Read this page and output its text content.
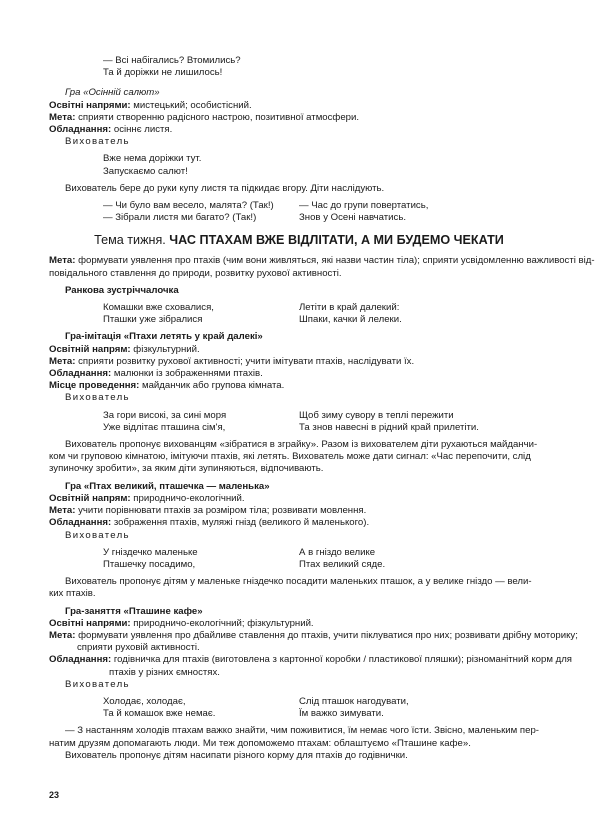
— Всі набігались? Втомились?
Та й доріжки не лишилось!
Гра «Осінній салют»
Освітні напрями: мистецький; особистісний.
Мета: сприяти створенню радісного настрою, позитивної атмосфери.
Обладнання: осіннє листя.
Вихователь
Вже нема доріжки тут.
Запускаємо салют!
Вихователь бере до руки купу листя та підкидає вгору. Діти наслідують.
— Чи було вам весело, малята? (Так!)
— Зібрали листя ми багато? (Так!)
— Час до групи повертатись,
Знов у Осені навчатись.
Тема тижня. ЧАС ПТАХАМ ВЖЕ ВІДЛІТАТИ, А МИ БУДЕМО ЧЕКАТИ
Мета: формувати уявлення про птахів (чим вони живляться, які назви частин тіла); сприяти усвідомленню важливості від-
повідального ставлення до природи, розвитку рухової активності.
Ранкова зустріччалочка
Комашки вже сховалися,
Пташки уже зібралися
Летіти в край далекий:
Шпаки, качки й лелеки.
Гра-імітація «Птахи летять у край далекі»
Освітній напрям: фізкультурний.
Мета: сприяти розвитку рухової активності; учити імітувати птахів, наслідувати їх.
Обладнання: малюнки із зображеннями птахів.
Місце проведення: майданчик або групова кімната.
Вихователь
За гори високі, за сині моря
Уже відлітає пташина сім'я,
Щоб зиму сувору в теплі пережити
Та знов навесні в рідний край прилетіти.
Вихователь пропонує вихованцям «зібратися в зграйку». Разом із вихователем діти рухаються майданчи-
ком чи груповою кімнатою, імітуючи птахів, які летять. Вихователь може дати сигнал: «Час перепочити, слід
зупиночку зробити», за яким діти зупиняються, відпочивають.
Гра «Птах великий, пташечка — маленька»
Освітній напрям: природничо-екологічний.
Мета: учити порівнювати птахів за розміром тіла; розвивати мовлення.
Обладнання: зображення птахів, муляжі гнізд (великого й маленького).
Вихователь
У гніздечко маленьке
Пташечку посадимо,
А в гніздо велике
Птах великий сяде.
Вихователь пропонує дітям у маленьке гніздечко посадити маленьких пташок, а у велике гніздо — вели-
ких птахів.
Гра-заняття «Пташине кафе»
Освітні напрями: природничо-екологічний; фізкультурний.
Мета: формувати уявлення про дбайливе ставлення до птахів, учити піклуватися про них; розвивати дрібну моторику;
сприяти руховій активності.
Обладнання: годівничка для птахів (виготовлена з картонної коробки / пластикової пляшки); різноманітний корм для
птахів у різних ємностях.
Вихователь
Холодає, холодає,
Та й комашок вже немає.
Слід пташок нагодувати,
Їм важко зимувати.
— З настанням холодів птахам важко знайти, чим поживитися, їм немає чого їсти. Звісно, маленьким пер-
натим друзям допомагають люди. Ми теж допоможемо птахам: облаштуємо «Пташине кафе».
Вихователь пропонує дітям насипати різного корму для птахів до годівнички.
23
